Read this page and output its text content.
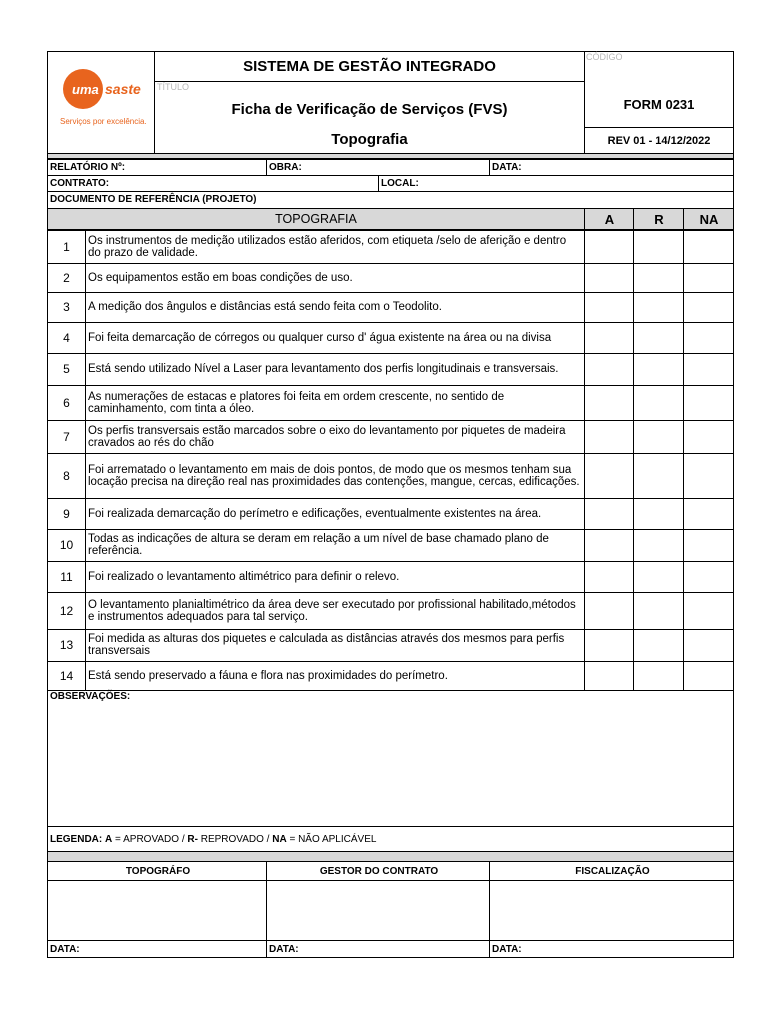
uma saste
Serviços por excelência.
SISTEMA DE GESTÃO INTEGRADO
TÍTULO
Ficha de Verificação de Serviços (FVS)
Topografia
CÓDIGO
FORM 0231
REV 01 - 14/12/2022
RELATÓRIO Nº:	OBRA:	DATA:
CONTRATO:	LOCAL:
DOCUMENTO DE REFERÊNCIA (PROJETO)
TOPOGRAFIA	A	R	NA
1	Os instrumentos de medição utilizados estão aferidos, com etiqueta /selo de aferição e dentro do prazo de validade.
2	Os equipamentos estão em boas condições de uso.
3	A medição dos ângulos e distâncias está sendo feita com o Teodolito.
4	Foi feita demarcação de córregos ou qualquer curso d' água existente na área ou na divisa
5	Está sendo utilizado Nível a Laser para levantamento dos perfis longitudinais e transversais.
6	As numerações de estacas e platores foi feita em ordem crescente, no sentido de caminhamento, com tinta a óleo.
7	Os perfis transversais estão marcados sobre o eixo do levantamento por piquetes de madeira cravados ao rés do chão
8	Foi arrematado o levantamento em mais de dois pontos, de modo que os mesmos tenham sua locação precisa na direção real nas proximidades das contenções, mangue, cercas, edificações.
9	Foi realizada demarcação do perímetro e edificações, eventualmente existentes na área.
10	Todas as indicações de altura se deram em relação a um nível de base chamado plano de referência.
11	Foi realizado o levantamento altimétrico para definir o relevo.
12	O levantamento planialtimétrico da área deve ser executado por profissional habilitado,métodos e instrumentos adequados para tal serviço.
13	Foi medida as alturas dos piquetes e calculada as distâncias através dos mesmos para perfis transversais
14	Está sendo preservado a fáuna e flora nas proximidades do perímetro.
OBSERVAÇÕES:
LEGENDA:
A
= APROVADO /
R-
REPROVADO /
NA
= NÃO APLICÁVEL
TOPOGRÁFO	GESTOR DO CONTRATO	FISCALIZAÇÃO
DATA:	DATA:	DATA:
